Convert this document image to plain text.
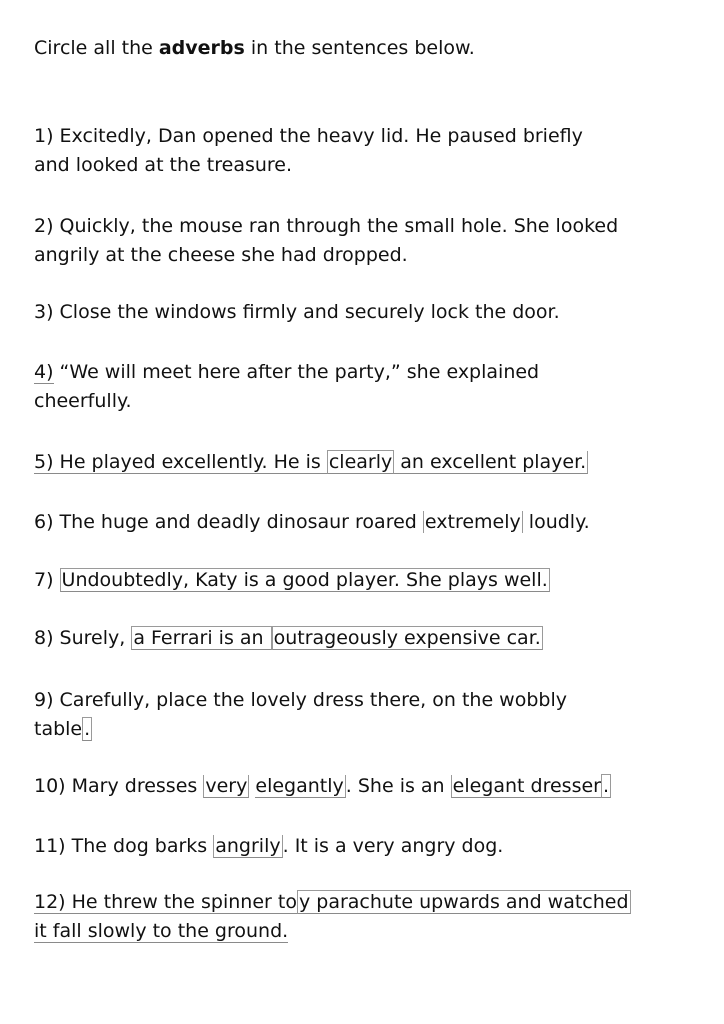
Circle all the adverbs in the sentences below.
1) Excitedly, Dan opened the heavy lid. He paused briefly
and looked at the treasure.
2) Quickly, the mouse ran through the small hole. She looked
angrily at the cheese she had dropped.
3) Close the windows firmly and securely lock the door.
4) “We will meet here after the party,” she explained
cheerfully.
5) He played excellently. He is clearly an excellent player.
6) The huge and deadly dinosaur roared extremely loudly.
7) Undoubtedly, Katy is a good player. She plays well.
8) Surely, a Ferrari is an outrageously expensive car.
9) Carefully, place the lovely dress there, on the wobbly
table .
10) Mary dresses very elegantly . She is an elegant dresser .
11) The dog barks angrily . It is a very angry dog.
12) He threw the spinner to y parachute upwards and watched
it fall slowly to the ground.
